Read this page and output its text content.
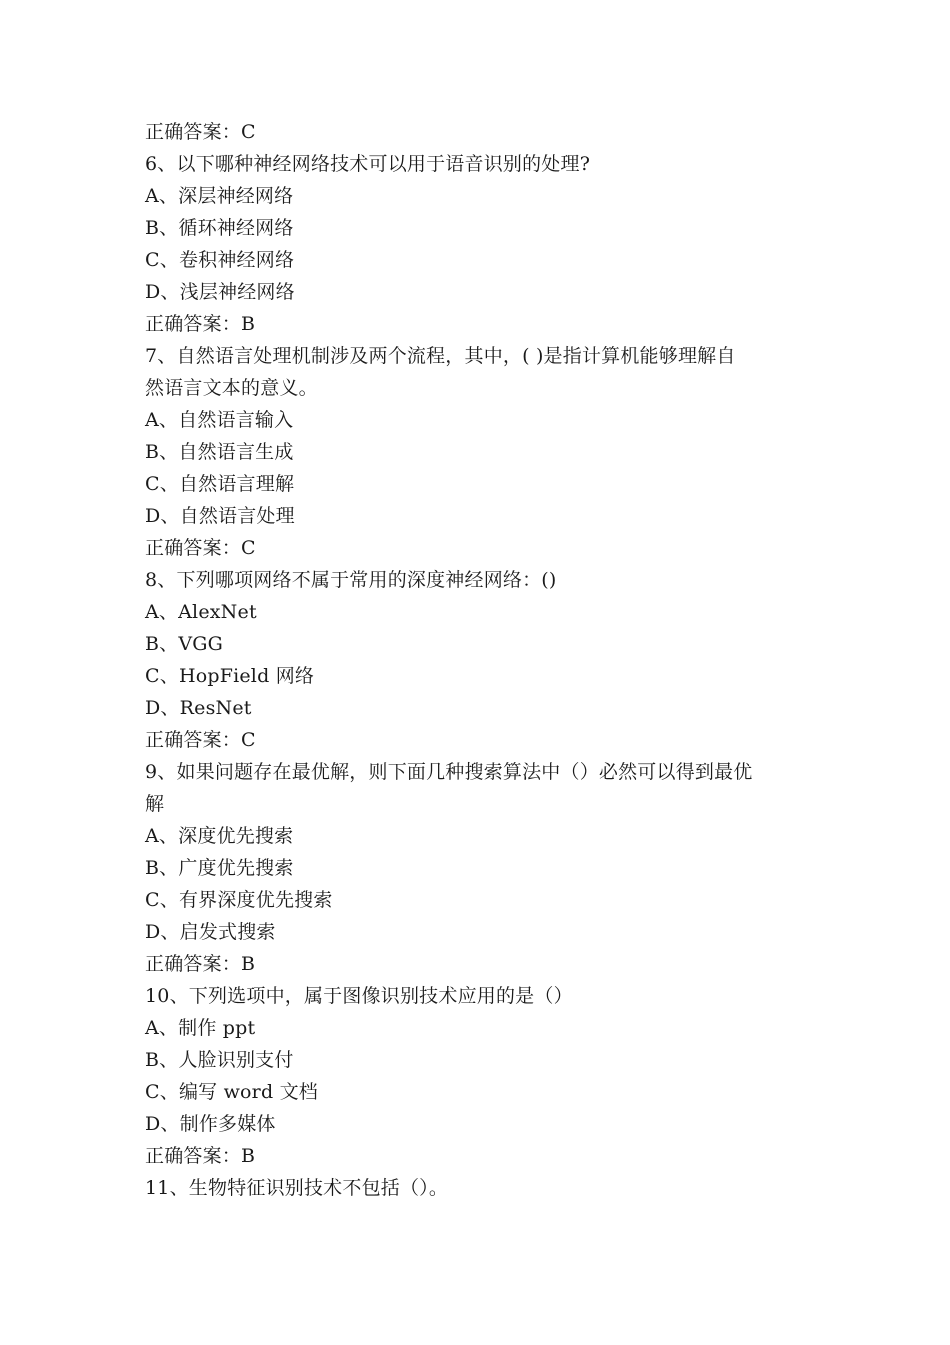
正确答案：C
6、以下哪种神经网络技术可以用于语音识别的处理?
A、深层神经网络
B、循环神经网络
C、卷积神经网络
D、浅层神经网络
正确答案：B
7、自然语言处理机制涉及两个流程，其中，( )是指计算机能够理解自
然语言文本的意义。
A、自然语言输入
B、自然语言生成
C、自然语言理解
D、自然语言处理
正确答案：C
8、下列哪项网络不属于常用的深度神经网络：()
A、AlexNet
B、VGG
C、HopField 网络
D、ResNet
正确答案：C
9、如果问题存在最优解，则下面几种搜索算法中（）必然可以得到最优
解
A、深度优先搜索
B、广度优先搜索
C、有界深度优先搜索
D、启发式搜索
正确答案：B
10、下列选项中，属于图像识别技术应用的是（）
A、制作 ppt
B、人脸识别支付
C、编写 word 文档
D、制作多媒体
正确答案：B
11、生物特征识别技术不包括（）。
